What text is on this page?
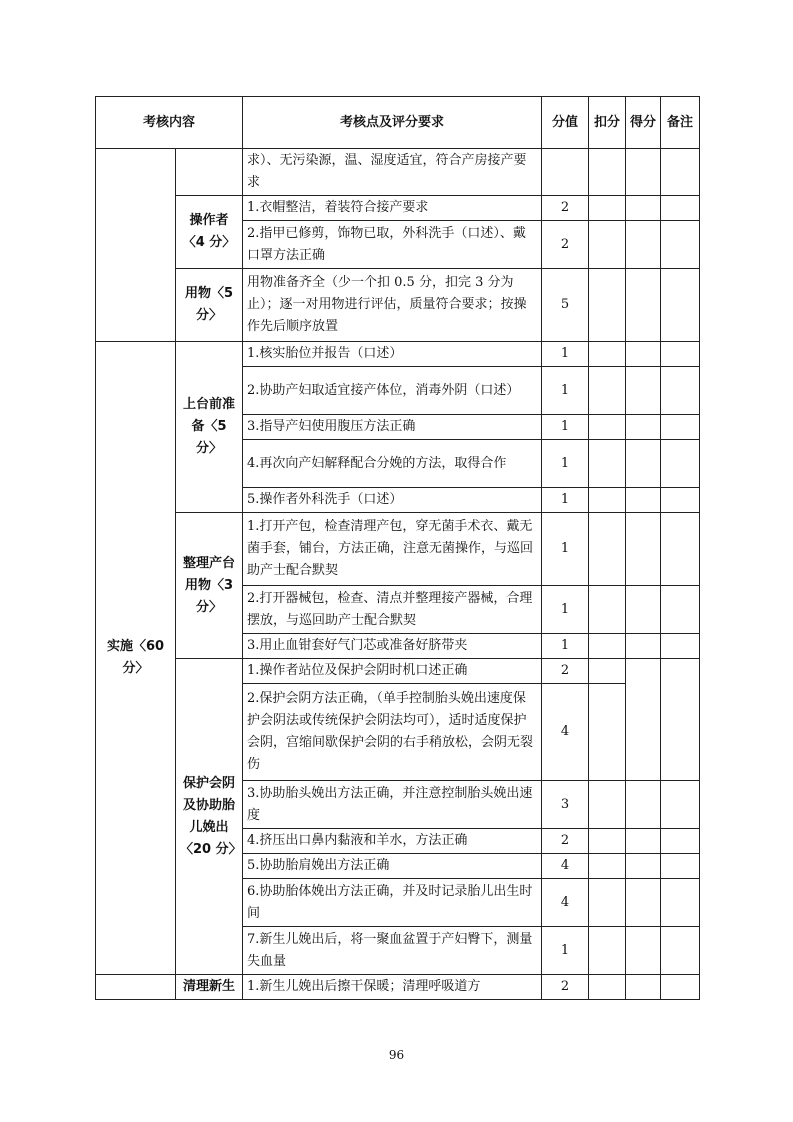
考核内容		考核点及评分要求	分值	扣分	得分	备注
		求）、无污染源，温、湿度适宜，符合产房接产要求				
	操作者〈4 分〉	1.衣帽整洁，着装符合接产要求	2			
		2.指甲已修剪，饰物已取，外科洗手（口述）、戴口罩方法正确	2			
	用物〈5 分〉	用物准备齐全（少一个扣 0.5 分，扣完 3 分为止）；逐一对用物进行评估，质量符合要求；按操作先后顺序放置	5			
实施〈60 分〉	上台前准备〈5 分〉	1.核实胎位并报告（口述）	1			
		2.协助产妇取适宜接产体位，消毒外阴（口述）	1			
		3.指导产妇使用腹压方法正确	1			
		4.再次向产妇解释配合分娩的方法，取得合作	1			
		5.操作者外科洗手（口述）	1			
	整理产台用物〈3 分〉	1.打开产包，检查清理产包，穿无菌手术衣、戴无菌手套，铺台，方法正确，注意无菌操作，与巡回助产士配合默契	1			
		2.打开器械包，检查、清点并整理接产器械，合理摆放，与巡回助产士配合默契	1			
		3.用止血钳套好气门芯或准备好脐带夹	1			
	保护会阴及协助胎儿娩出〈20 分〉	1.操作者站位及保护会阴时机口述正确	2			
		2.保护会阴方法正确，（单手控制胎头娩出速度保护会阴法或传统保护会阴法均可），适时适度保护会阴，宫缩间歇保护会阴的右手稍放松，会阴无裂伤	4			
		3.协助胎头娩出方法正确，并注意控制胎头娩出速度	3			
		4.挤压出口鼻内黏液和羊水，方法正确	2			
		5.协助胎肩娩出方法正确	4			
		6.协助胎体娩出方法正确，并及时记录胎儿出生时间	4			
		7.新生儿娩出后，将一聚血盆置于产妇臀下，测量失血量	1			
	清理新生	1.新生儿娩出后擦干保暖；清理呼吸道方	2			
96
